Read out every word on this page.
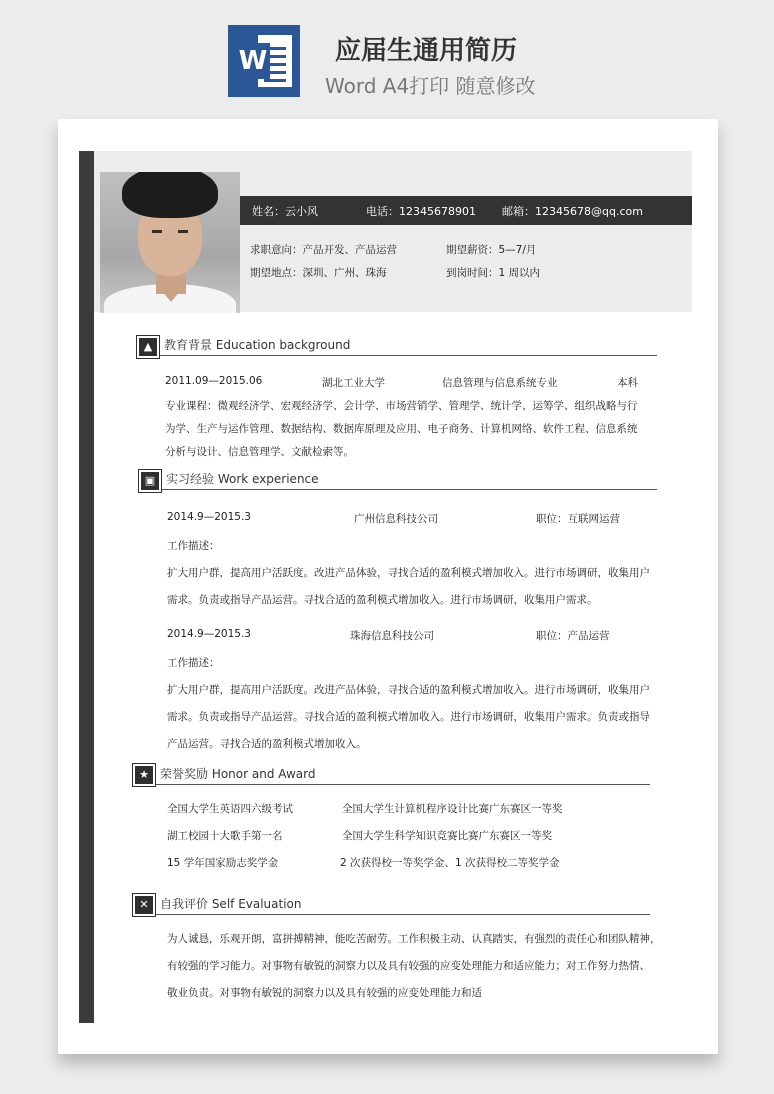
W	应届生通用简历
Word A4打印 随意修改
姓名：云小风	电话：12345678901 邮箱：12345678@qq.com
求职意向：产品开发、产品运营	期望薪资：5—7/月
期望地点：深圳、广州、珠海	到岗时间：1 周以内
▲ 教育背景 Education background
2011.09—2015.06	湖北工业大学	信息管理与信息系统专业	本科
专业课程：微观经济学、宏观经济学、会计学、市场营销学、管理学、统计学、运筹学、组织战略与行
为学、生产与运作管理、数据结构、数据库原理及应用、电子商务、计算机网络、软件工程、信息系统
分析与设计、信息管理学、文献检索等。
▣ 实习经验 Work experience
2014.9—2015.3	广州信息科技公司	职位：互联网运营
工作描述：
扩大用户群，提高用户活跃度。改进产品体验，寻找合适的盈利模式增加收入。进行市场调研，收集用户
需求。负责或指导产品运营。寻找合适的盈利模式增加收入。进行市场调研，收集用户需求。
2014.9—2015.3	珠海信息科技公司	职位：产品运营
工作描述：
扩大用户群，提高用户活跃度。改进产品体验，寻找合适的盈利模式增加收入。进行市场调研，收集用户
需求。负责或指导产品运营。寻找合适的盈利模式增加收入。进行市场调研，收集用户需求。负责或指导
产品运营。寻找合适的盈利模式增加收入。
★ 荣誉奖励 Honor and Award
全国大学生英语四六级考试	全国大学生计算机程序设计比赛广东赛区一等奖
湖工校园十大歌手第一名	全国大学生科学知识竞赛比赛广东赛区一等奖
15 学年国家励志奖学金	2 次获得校一等奖学金、1 次获得校二等奖学金
✕ 自我评价 Self Evaluation
为人诚恳，乐观开朗，富拼搏精神，能吃苦耐劳。工作积极主动、认真踏实，有强烈的责任心和团队精神，
有较强的学习能力。对事物有敏锐的洞察力以及具有较强的应变处理能力和适应能力；对工作努力热情、
敬业负责。对事物有敏锐的洞察力以及具有较强的应变处理能力和适
